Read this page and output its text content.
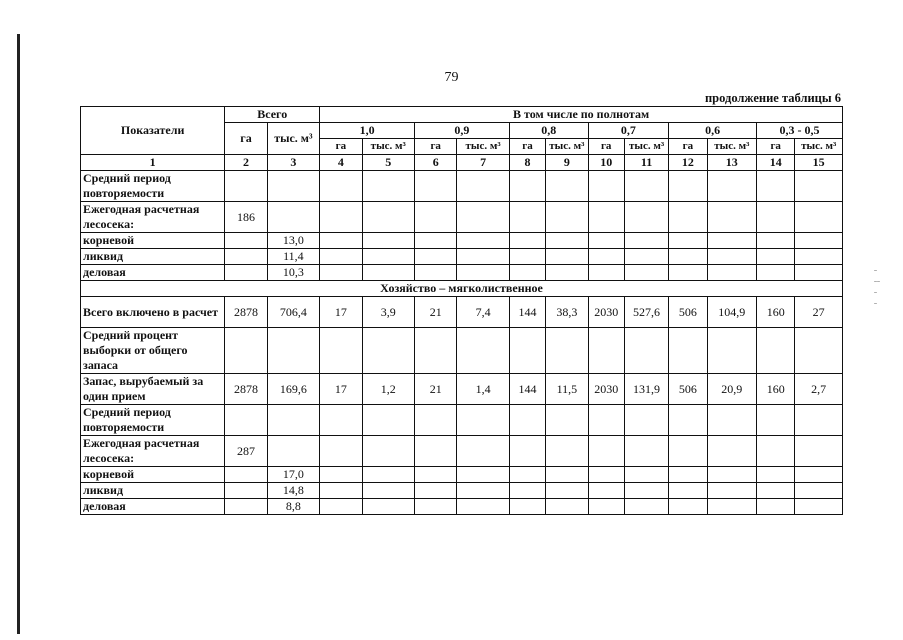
79
продолжение таблицы 6
Показатели	Всего		В том числе по полнотам											
	га	тыс. м³	1,0		0,9		0,8		0,7		0,6		0,3 - 0,5	
			га	тыс. м³	га	тыс. м³	га	тыс. м³	га	тыс. м³	га	тыс. м³	га	тыс. м³
1	2	3	4	5	6	7	8	9	10	11	12	13	14	15
Средний период повторяемости														
Ежегодная расчетная лесосека:	186													
корневой		13,0												
ликвид		11,4												
деловая		10,3												
Хозяйство – мягколиственное														
Всего включено в расчет	2878	706,4	17	3,9	21	7,4	144	38,3	2030	527,6	506	104,9	160	27
Средний процент выборки от общего запаса														
Запас, вырубаемый за один прием	2878	169,6	17	1,2	21	1,4	144	11,5	2030	131,9	506	20,9	160	2,7
Средний период повторяемости														
Ежегодная расчетная лесосека:	287													
корневой		17,0												
ликвид		14,8												
деловая		8,8												
ˉ
ˉˉ
ˉ
ˉ
